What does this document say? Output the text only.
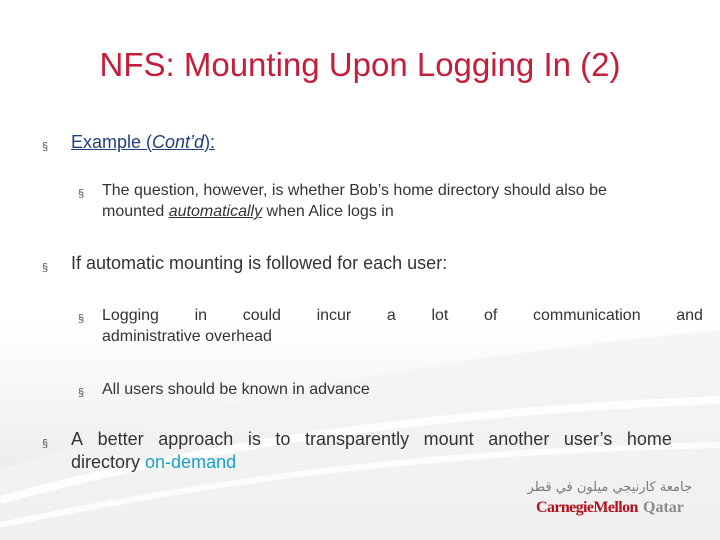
NFS: Mounting Upon Logging In (2)
§ Example (Cont’d):
§ The question, however, is whether Bob’s home directory should also be
mounted automatically when Alice logs in
§ If automatic mounting is followed for each user:
§ Logging in could incur a lot of communication and
administrative overhead
§ All users should be known in advance
§ A better approach is to transparently mount another user’s home
directory on-demand
جامعة كارنيجي ميلون في قطر
CarnegieMellon Qatar
